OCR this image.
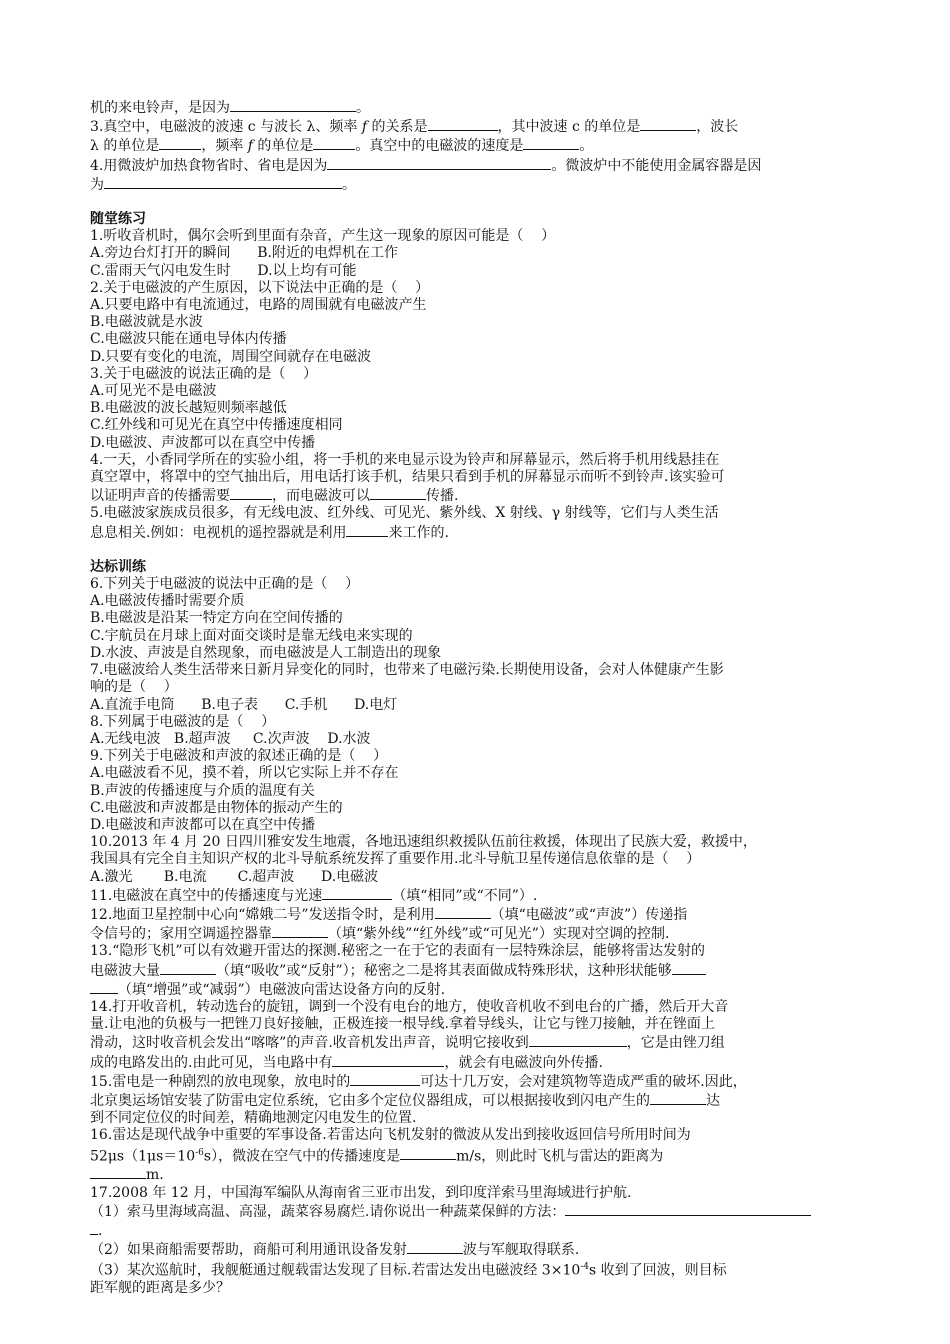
机的来电铃声，是因为	。
3.真空中，电磁波的波速 c 与波长 λ、频率 f 的关系是	，其中波速 c 的单位是	，波长
λ 的单位是	，频率 f 的单位是	。真空中的电磁波的速度是	。
4.用微波炉加热食物省时、省电是因为	。微波炉中不能使用金属容器是因
为	。
随堂练习
1.听收音机时，偶尔会听到里面有杂音，产生这一现象的原因可能是（    ）
A.旁边台灯打开的瞬间      B.附近的电焊机在工作
C.雷雨天气闪电发生时      D.以上均有可能
2.关于电磁波的产生原因，以下说法中正确的是（    ）
A.只要电路中有电流通过，电路的周围就有电磁波产生
B.电磁波就是水波
C.电磁波只能在通电导体内传播
D.只要有变化的电流，周围空间就存在电磁波
3.关于电磁波的说法正确的是（    ）
A.可见光不是电磁波
B.电磁波的波长越短则频率越低
C.红外线和可见光在真空中传播速度相同
D.电磁波、声波都可以在真空中传播
4.一天，小香同学所在的实验小组，将一手机的来电显示设为铃声和屏幕显示，然后将手机用线悬挂在
真空罩中，将罩中的空气抽出后，用电话打该手机，结果只看到手机的屏幕显示而听不到铃声.该实验可
以证明声音的传播需要	，而电磁波可以	传播.
5.电磁波家族成员很多，有无线电波、红外线、可见光、紫外线、X 射线、γ 射线等，它们与人类生活
息息相关.例如：电视机的遥控器就是利用	来工作的.
达标训练
6.下列关于电磁波的说法中正确的是（    ）
A.电磁波传播时需要介质
B.电磁波是沿某一特定方向在空间传播的
C.宇航员在月球上面对面交谈时是靠无线电来实现的
D.水波、声波是自然现象，而电磁波是人工制造出的现象
7.电磁波给人类生活带来日新月异变化的同时，也带来了电磁污染.长期使用设备，会对人体健康产生影
响的是（    ）
A.直流手电筒      B.电子表      C.手机      D.电灯
8.下列属于电磁波的是（    ）
A.无线电波   B.超声波     C.次声波    D.水波
9.下列关于电磁波和声波的叙述正确的是（    ）
A.电磁波看不见，摸不着，所以它实际上并不存在
B.声波的传播速度与介质的温度有关
C.电磁波和声波都是由物体的振动产生的
D.电磁波和声波都可以在真空中传播
10.2013 年 4 月 20 日四川雅安发生地震，各地迅速组织救援队伍前往救援，体现出了民族大爱，救援中，
我国具有完全自主知识产权的北斗导航系统发挥了重要作用.北斗导航卫星传递信息依靠的是（    ）
A.激光       B.电流       C.超声波      D.电磁波
11.电磁波在真空中的传播速度与光速	（填“相同”或“不同”）.
12.地面卫星控制中心向“嫦娥二号”发送指令时，是利用	（填“电磁波”或“声波”）传递指
令信号的；家用空调遥控器靠	（填“紫外线”“红外线”或“可见光”）实现对空调的控制.
13.“隐形飞机”可以有效避开雷达的探测.秘密之一在于它的表面有一层特殊涂层，能够将雷达发射的
电磁波大量	（填“吸收”或“反射”）；秘密之二是将其表面做成特殊形状，这种形状能够
（填“增强”或“减弱”）电磁波向雷达设备方向的反射.
14.打开收音机，转动选台的旋钮，调到一个没有电台的地方，使收音机收不到电台的广播，然后开大音
量.让电池的负极与一把锉刀良好接触，正极连接一根导线.拿着导线头，让它与锉刀接触，并在锉面上
滑动，这时收音机会发出“喀喀”的声音.收音机发出声音，说明它接收到	，它是由锉刀组
成的电路发出的.由此可见，当电路中有	，就会有电磁波向外传播.
15.雷电是一种剧烈的放电现象，放电时的	可达十几万安，会对建筑物等造成严重的破坏.因此，
北京奥运场馆安装了防雷电定位系统，它由多个定位仪器组成，可以根据接收到闪电产生的	达
到不同定位仪的时间差，精确地测定闪电发生的位置.
16.雷达是现代战争中重要的军事设备.若雷达向飞机发射的微波从发出到接收返回信号所用时间为
$52\mu s(1\mu s=10^{-6}s)$，微波在空气中的传播速度是	m/s，则此时飞机与雷达的距离为
m.
17.2008 年 12 月，中国海军编队从海南省三亚市出发，到印度洋索马里海域进行护航.
（1）索马里海域高温、高湿，蔬菜容易腐烂.请你说出一种蔬菜保鲜的方法：
.
（2）如果商船需要帮助，商船可利用通讯设备发射	波与军舰取得联系.
（3）某次巡航时，我舰艇通过舰载雷达发现了目标.若雷达发出电磁波经 $3\times 10^{-4}s$ 收到了回波，则目标
距军舰的距离是多少？
